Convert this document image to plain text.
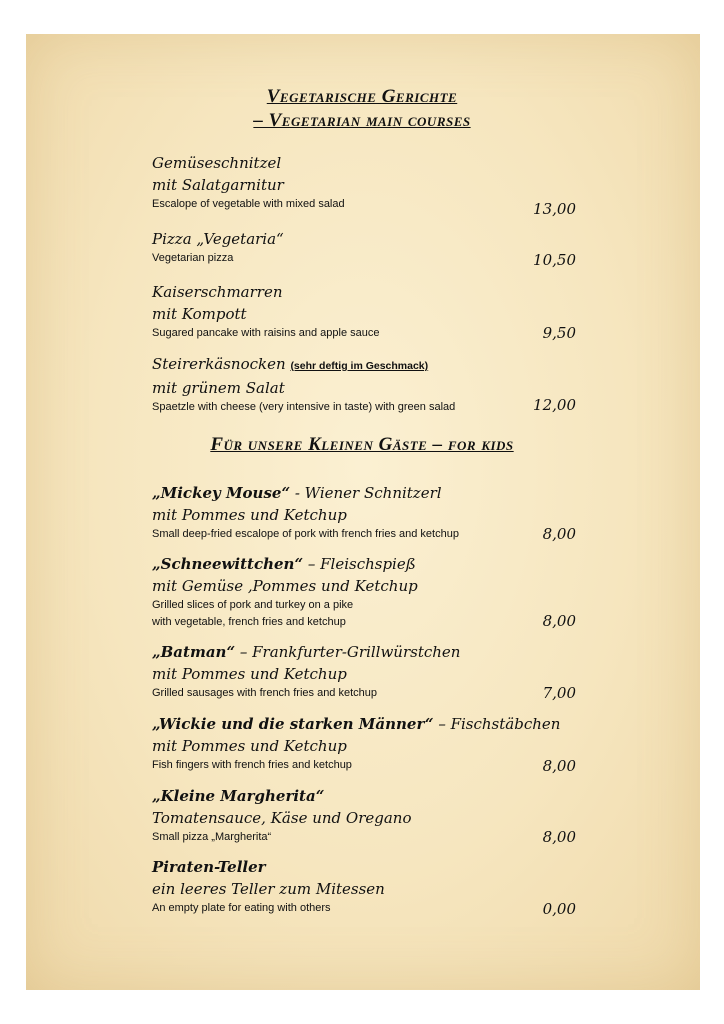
Vegetarische Gerichte
– Vegetarian main courses
Gemüseschnitzel
mit Salatgarnitur
Escalope of vegetable with mixed salad	13,00
Pizza „Vegetaria“
Vegetarian pizza	10,50
Kaiserschmarren
mit Kompott
Sugared pancake with raisins and apple sauce	9,50
Steirerkäsnocken (sehr deftig im Geschmack)
mit grünem Salat
Spaetzle with cheese (very intensive in taste) with green salad	12,00
Für unsere Kleinen Gäste – for kids
„Mickey Mouse“ - Wiener Schnitzerl
mit Pommes und Ketchup
Small deep-fried escalope of pork with french fries and ketchup	8,00
„Schneewittchen“ – Fleischspieß
mit Gemüse ,Pommes und Ketchup
Grilled slices of pork and turkey on a pike
with vegetable, french fries and ketchup	8,00
„Batman“ – Frankfurter-Grillwürstchen
mit Pommes und Ketchup
Grilled sausages with french fries and ketchup	7,00
„Wickie und die starken Männer“ – Fischstäbchen
mit Pommes und Ketchup
Fish fingers with french fries and ketchup	8,00
„Kleine Margherita“
Tomatensauce, Käse und Oregano
Small pizza „Margherita“	8,00
Piraten-Teller
ein leeres Teller zum Mitessen
An empty plate for eating with others	0,00
